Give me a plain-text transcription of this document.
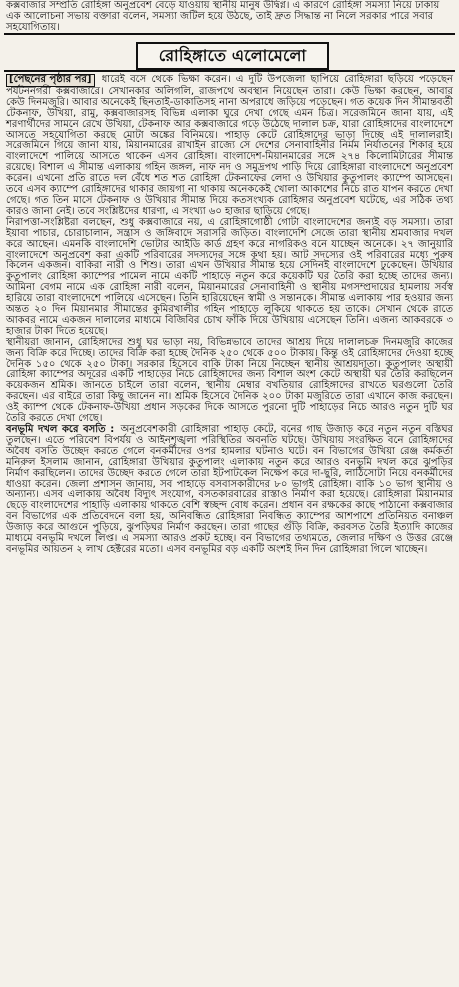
কক্সবাজার সম্প্রতি রোহিঙ্গা অনুপ্রবেশ বেড়ে যাওয়ায় স্থানীয় মানুষ উদ্বিগ্ন। এ কারণে রোহিঙ্গা সমস্যা নিয়ে ঢাকায় এক আলোচনা সভায় বক্তারা বলেন, সমস্যা জটিল হয়ে উঠছে, তাই দ্রুত সিদ্ধান্ত না নিলে সরকার পারে সবার সহযোগিতায়।
রোহিঙ্গাতে এলোমেলো

[পেছনের পৃষ্ঠার পর] ধারেই বসে থেকে ভিক্ষা করেন। এ দুটি উপজেলা ছাপিয়ে রোহিঙ্গারা ছড়িয়ে পড়েছেন পর্যটননগরী কক্সবাজারে। সেখানকার অলিগলি, রাজপথে অবস্থান নিয়েছেন তারা। কেউ ভিক্ষা করছেন, আবার কেউ দিনমজুরি। আবার অনেকেই ছিনতাই-ডাকাতিসহ নানা অপরাধে জড়িয়ে পড়েছেন। গত কয়েক দিন সীমান্তবর্তী টেকনাফ, উখিয়া, রামু, কক্সবাজারসহ বিভিন্ন এলাকা ঘুরে দেখা গেছে এমন চিত্র। সরেজমিনে জানা যায়, এই শরণার্থীদের সামনে রেখে উখিয়া, টেকনাফ আর কক্সবাজারে গড়ে উঠেছে দালাল চক্র, যারা রোহিঙ্গাদের বাংলাদেশে আসতে সহযোগিতা করছে মোটা অঙ্কের বিনিময়ে। পাহাড় কেটে রোহিঙ্গাদের ভাড়া দিচ্ছে এই দালালরাই। সরেজমিনে গিয়ে জানা যায়, মিয়ানমারের রাখাইন রাজ্যে সে দেশের সেনাবাহিনীর নির্মম নির্যাতনের শিকার হয়ে বাংলাদেশে পালিয়ে আসতে থাকেন এসব রোহিঙ্গা। বাংলাদেশ-মিয়ানমারের সঙ্গে ২৭৪ কিলোমিটারের সীমান্ত রয়েছে। বিশাল এ সীমান্ত এলাকায় গহিন জঙ্গল, নাফ নদ ও সমুদ্রপথ পাড়ি দিয়ে রোহিঙ্গারা বাংলাদেশে অনুপ্রবেশ করেন। এখনো প্রতি রাতে দল বেঁধে শত শত রোহিঙ্গা টেকনাফের লেদা ও উখিয়ার কুতুপালং ক্যাম্পে আসছেন। তবে এসব ক্যাম্পে রোহিঙ্গাদের থাকার জায়গা না থাকায় অনেককেই খোলা আকাশের নিচে রাত যাপন করতে দেখা গেছে। গত তিন মাসে টেকনাফ ও উখিয়ার সীমান্ত দিয়ে কতসংখ্যক রোহিঙ্গার অনুপ্রবেশ ঘটেছে, এর সঠিক তথ্য কারও জানা নেই। তবে সংশ্লিষ্টদের ধারণা, এ সংখ্যা ৬০ হাজার ছাড়িয়ে গেছে।

নিরাপত্তা-সংশ্লিষ্টরা বলছেন, শুধু কক্সবাজারে নয়, এ রোহিঙ্গাগোষ্ঠী গোটা বাংলাদেশের জন্যই বড় সমস্যা। তারা ইয়াবা পাচার, চোরাচালান, সন্ত্রাস ও জঙ্গিবাদে সরাসরি জড়িত। বাংলাদেশি সেজে তারা স্থানীয় শ্রমবাজার দখল করে আছেন। এমনকি বাংলাদেশি ভোটার আইডি কার্ড গ্রহণ করে নাগরিকও বনে যাচ্ছেন অনেকে। ২৭ জানুয়ারি বাংলাদেশে অনুপ্রবেশ করা একটি পরিবারের সদস্যদের সঙ্গে কথা হয়। আট সদস্যের ওই পরিবারের মধ্যে পুরুষ কিলেন একজন। বাকিরা নারী ও শিশু। তারা এখন উখিয়ার সীমান্ত হয়ে সেদিনই বাংলাদেশে ঢুকেছেন। উখিয়ার কুতুপালং রোহিঙ্গা ক্যাম্পের পামেল নামে একটি পাহাড়ে নতুন করে কয়েকটি ঘর তৈরি করা হচ্ছে তাদের জন্য। আমিনা বেগম নামে এক রোহিঙ্গা নারী বলেন, মিয়ানমারের সেনাবাহিনী ও স্থানীয় মগসম্প্রদায়ের হামলায় সর্বস্ব হারিয়ে তারা বাংলাদেশে পালিয়ে এসেছেন। তিনি হারিয়েছেন স্বামী ও সন্তানকে। সীমান্ত এলাকায় পার হওয়ার জন্য অন্তত ২০ দিন মিয়ানমার সীমান্তের কুমিরখালীর গহিন পাহাড়ে লুকিয়ে থাকতে হয় তাকে। সেখান থেকে রাতে আকবর নামে একজন দালালের মাধ্যমে বিজিবির চোখ ফাঁকি দিয়ে উখিয়ায় এসেছেন তিনি। এজন্য আকবরকে ৩ হাজার টাকা দিতে হয়েছে।

স্থানীয়রা জানান, রোহিঙ্গাদের শুধু ঘর ভাড়া নয়, বিভিন্নভাবে তাদের আশ্রয় দিয়ে দালালচক্র দিনমজুরি কাজের জন্য বিক্রি করে দিচ্ছে। তাদের বিক্রি করা হচ্ছে দৈনিক ২৫০ থেকে ৫০০ টাকায়। কিন্তু ওই রোহিঙ্গাদের দেওয়া হচ্ছে দৈনিক ১৫০ থেকে ২৫০ টাকা। সরকার হিসেবে বাকি টাকা নিয়ে নিচ্ছেন স্থানীয় আশ্রয়দাতা। কুতুপালং অস্থায়ী রোহিঙ্গা ক্যাম্পের অদূরের একটি পাহাড়ের নিচে রোহিঙ্গাদের জন্য বিশাল অংশ কেটে অস্থায়ী ঘর তৈরি করছিলেন কয়েকজন শ্রমিক। জানতে চাইলে তারা বলেন, স্থানীয় মেম্বার বখতিয়ার রোহিঙ্গাদের রাখতে ঘরগুলো তৈরি করছেন। এর বাইরে তারা কিছু জানেন না। শ্রমিক হিসেবে দৈনিক ২০০ টাকা মজুরিতে তারা এখানে কাজ করছেন। ওই ক্যাম্প থেকে টেকনাফ-উখিয়া প্রধান সড়কের দিকে আসতে পুরনো দুটি পাহাড়ের নিচে আরও নতুন দুটি ঘর তৈরি করতে দেখা গেছে।

বনভূমি দখল করে বসতি : অনুপ্রবেশকারী রোহিঙ্গারা পাহাড় কেটে, বনের গাছ উজাড় করে নতুন নতুন বস্তিঘর তুলছেন। এতে পরিবেশ বিপর্যয় ও আইনশৃঙ্খলা পরিস্থিতির অবনতি ঘটছে। উখিয়ায় সংরক্ষিত বনে রোহিঙ্গাদের অবৈধ বসতি উচ্ছেদ করতে গেলে বনকর্মীদের ওপর হামলার ঘটনাও ঘটে। বন বিভাগের উখিয়া রেঞ্জ কর্মকর্তা মনিরুল ইসলাম জানান, রোহিঙ্গারা উখিয়ার কুতুপালং এলাকায় নতুন করে আরও বনভূমি দখল করে ঝুপড়ির নির্মাণ করছিলেন। তাদের উচ্ছেদ করতে গেলে তারা ইটপাটকেল নিক্ষেপ করে দা-ছুরি, লাঠিসোটা নিয়ে বনকর্মীদের ধাওয়া করেন। জেলা প্রশাসন জানায়, সব পাহাড়ে বসবাসকারীদের ৮০ ভাগই রোহিঙ্গা। বাকি ১০ ভাগ স্থানীয় ও অন্যান্য। এসব এলাকায় অবৈধ বিদ্যুৎ সংযোগ, বসতকারবারের রাস্তাও নির্মাণ করা হয়েছে। রোহিঙ্গারা মিয়ানমার ছেড়ে বাংলাদেশের পাহাড়ি এলাকায় থাকতে বেশি স্বচ্ছন্দ বোধ করেন। প্রধান বন রক্ষকের কাছে পাঠানো কক্সবাজার বন বিভাগের এক প্রতিবেদনে বলা হয়, অনিবন্ধিত রোহিঙ্গারা নিবন্ধিত ক্যাম্পের আশপাশে প্রতিনিয়ত বনাঞ্চল উজাড় করে আগুনে পুড়িয়ে, ঝুপড়িঘর নির্মাণ করছেন। তারা গাছের গুঁড়ি বিক্রি, করবসত তৈরি ইত্যাদি কাজের মাধ্যমে বনভূমি দখলে লিপ্ত। এ সমস্যা আরও প্রকট হচ্ছে। বন বিভাগের তথ্যমতে, জেলার দক্ষিণ ও উত্তর রেঞ্জে বনভূমির আয়তন ২ লাখ হেক্টরের মতো। এসব বনভূমির বড় একটি অংশই দিন দিন রোহিঙ্গারা গিলে খাচ্ছেন।
